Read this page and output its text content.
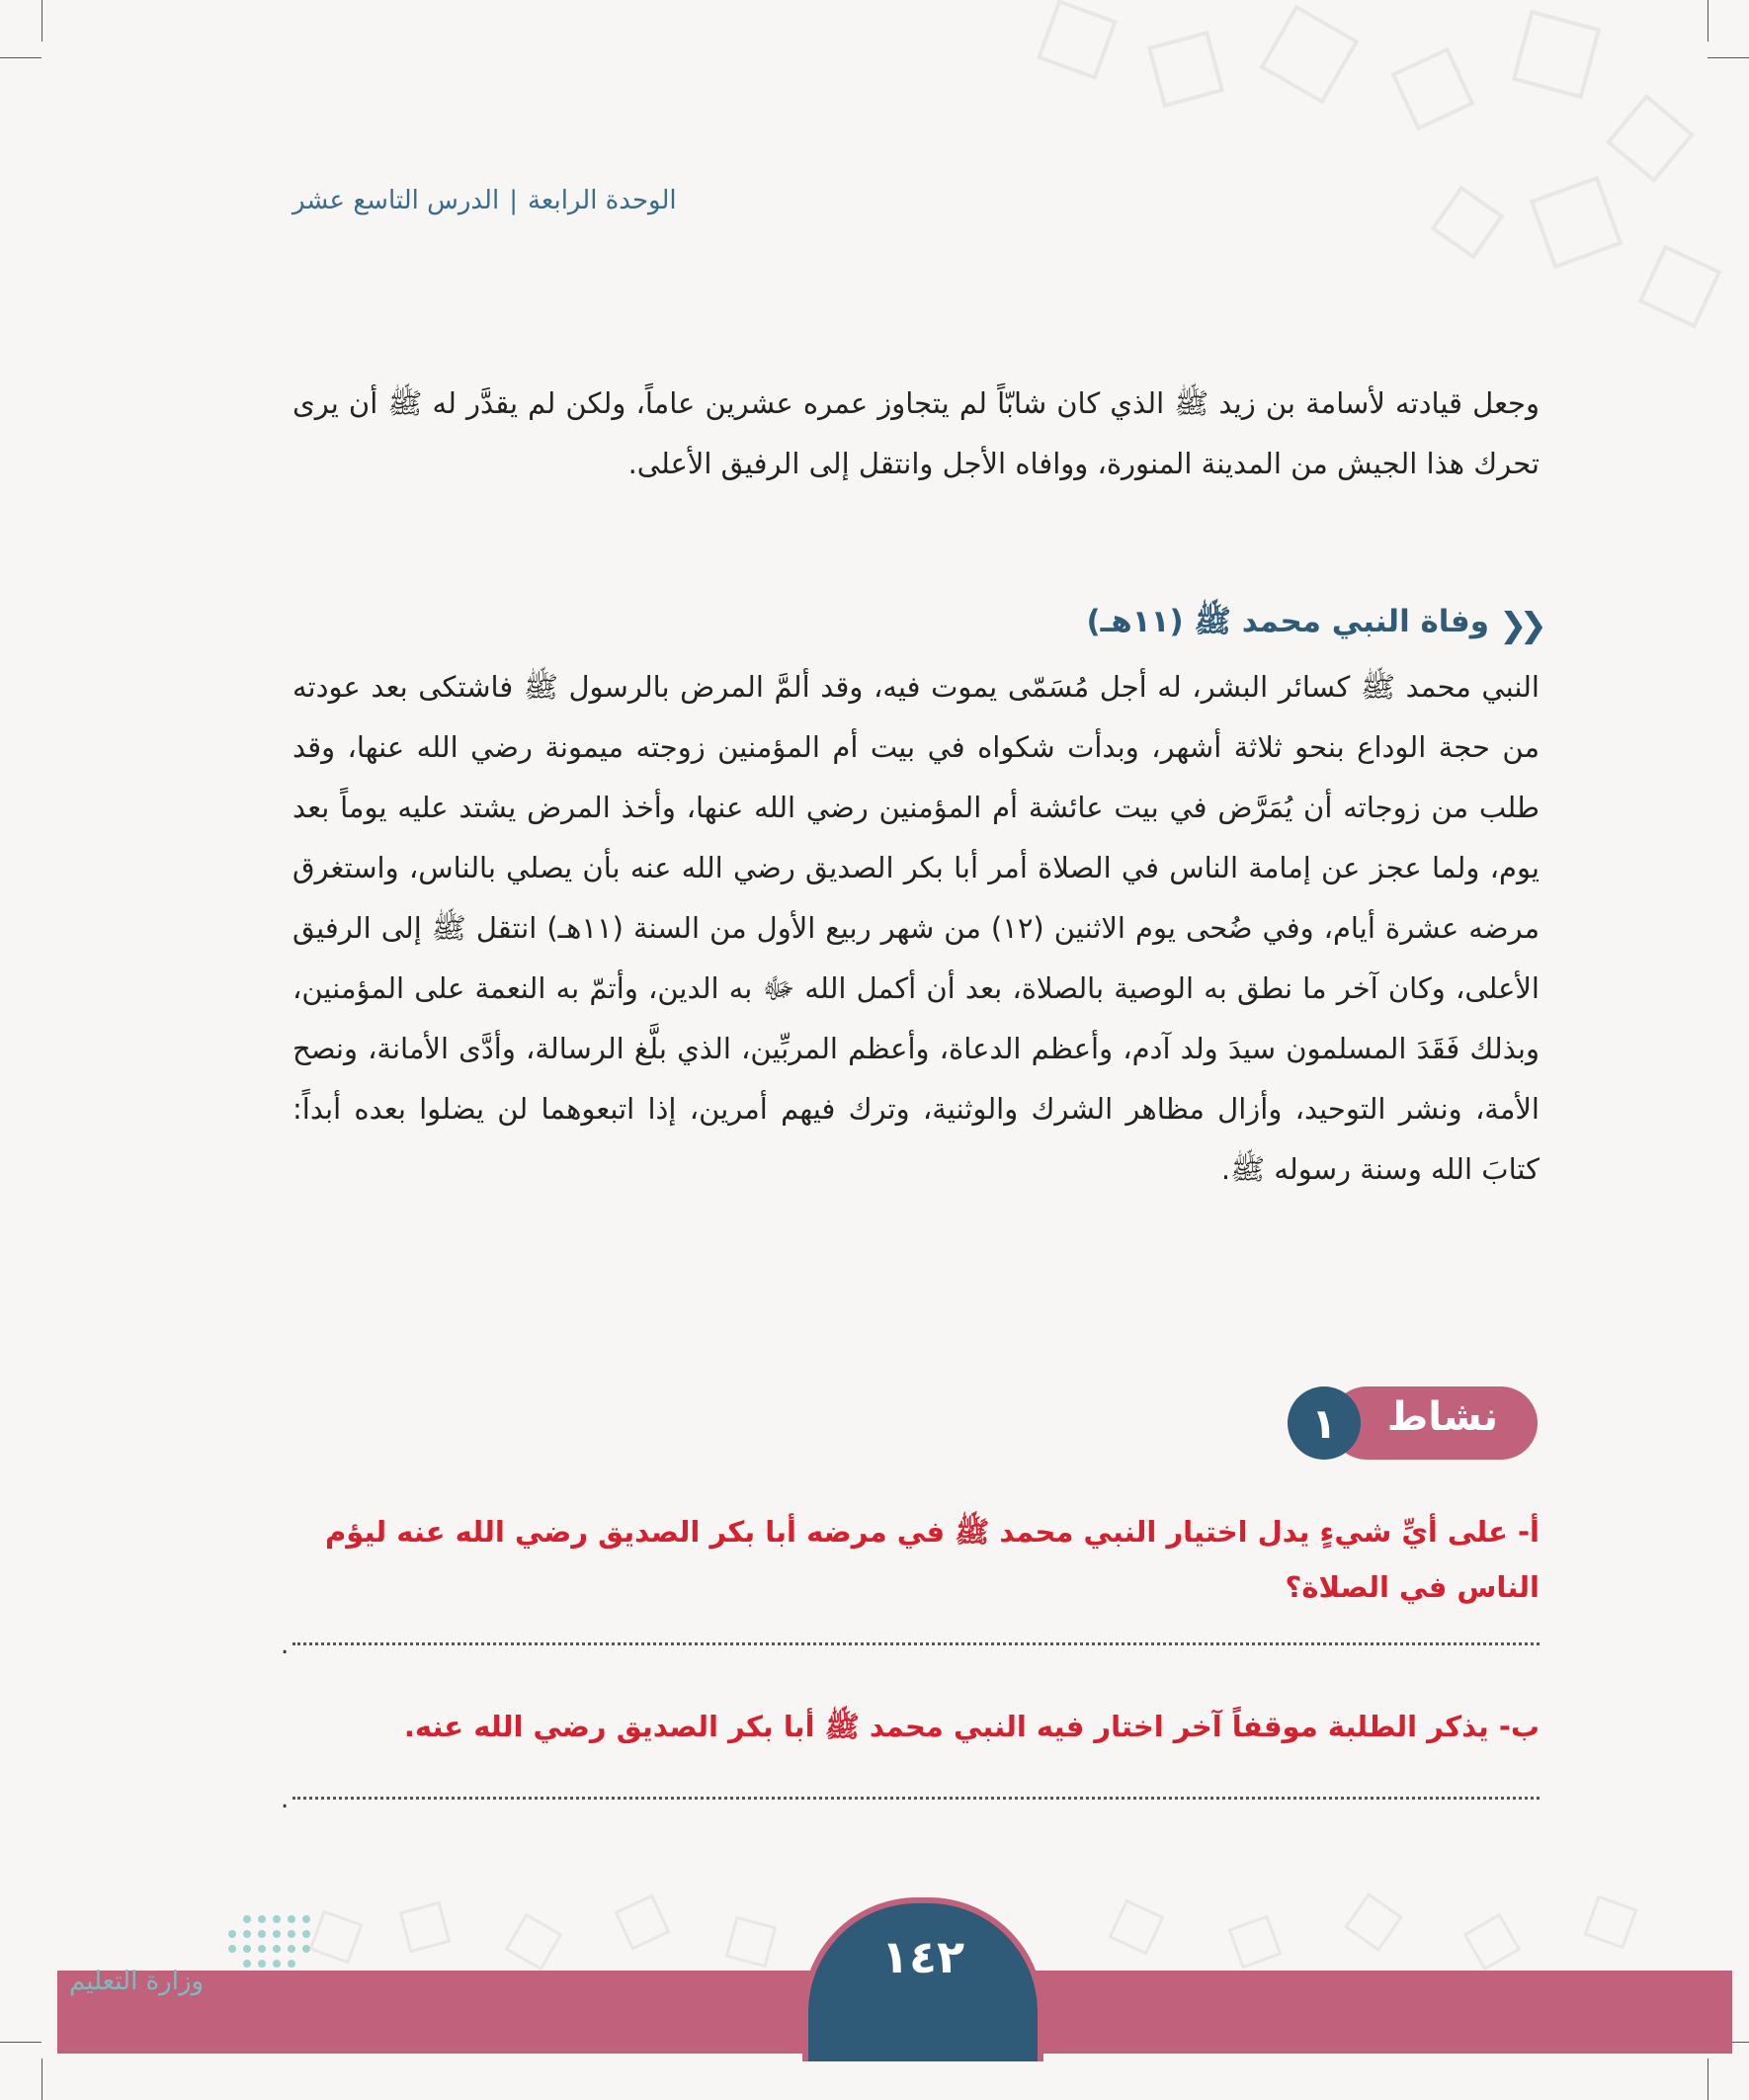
الوحدة الرابعة
|
الدرس التاسع عشر
وجعل قيادته لأسامة بن زيد ﷺ الذي كان شابّاً لم يتجاوز عمره عشرين عاماً، ولكن لم يقدَّر له ﷺ أن يرى تحرك هذا الجيش من المدينة المنورة، ووافاه الأجل وانتقل إلى الرفيق الأعلى.
❮❮
وفاة النبي محمد ﷺ (١١هـ)
النبي محمد ﷺ كسائر البشر، له أجل مُسَمّى يموت فيه، وقد ألمَّ المرض بالرسول ﷺ فاشتكى بعد عودته من حجة الوداع بنحو ثلاثة أشهر، وبدأت شكواه في بيت أم المؤمنين زوجته ميمونة رضي الله عنها، وقد طلب من زوجاته أن يُمَرَّض في بيت عائشة أم المؤمنين رضي الله عنها، وأخذ المرض يشتد عليه يوماً بعد يوم، ولما عجز عن إمامة الناس في الصلاة أمر أبا بكر الصديق رضي الله عنه بأن يصلي بالناس، واستغرق مرضه عشرة أيام، وفي ضُحى يوم الاثنين (١٢) من شهر ربيع الأول من السنة (١١هـ) انتقل ﷺ إلى الرفيق الأعلى، وكان آخر ما نطق به الوصية بالصلاة، بعد أن أكمل الله ﷻ به الدين، وأتمّ به النعمة على المؤمنين، وبذلك فَقَدَ المسلمون سيدَ ولد آدم، وأعظم الدعاة، وأعظم المربِّين، الذي بلَّغ الرسالة، وأدَّى الأمانة، ونصح الأمة، ونشر التوحيد، وأزال مظاهر الشرك والوثنية، وترك فيهم أمرين، إذا اتبعوهما لن يضلوا بعده أبداً: كتابَ الله وسنة رسوله ﷺ.
نشاط
١
أ- على أيِّ شيءٍ يدل اختيار النبي محمد ﷺ في مرضه أبا بكر الصديق رضي الله عنه ليؤم الناس في الصلاة؟
.
ب- يذكر الطلبة موقفاً آخر اختار فيه النبي محمد ﷺ أبا بكر الصديق رضي الله عنه.
.
١٤٢
وزارة التعليم
